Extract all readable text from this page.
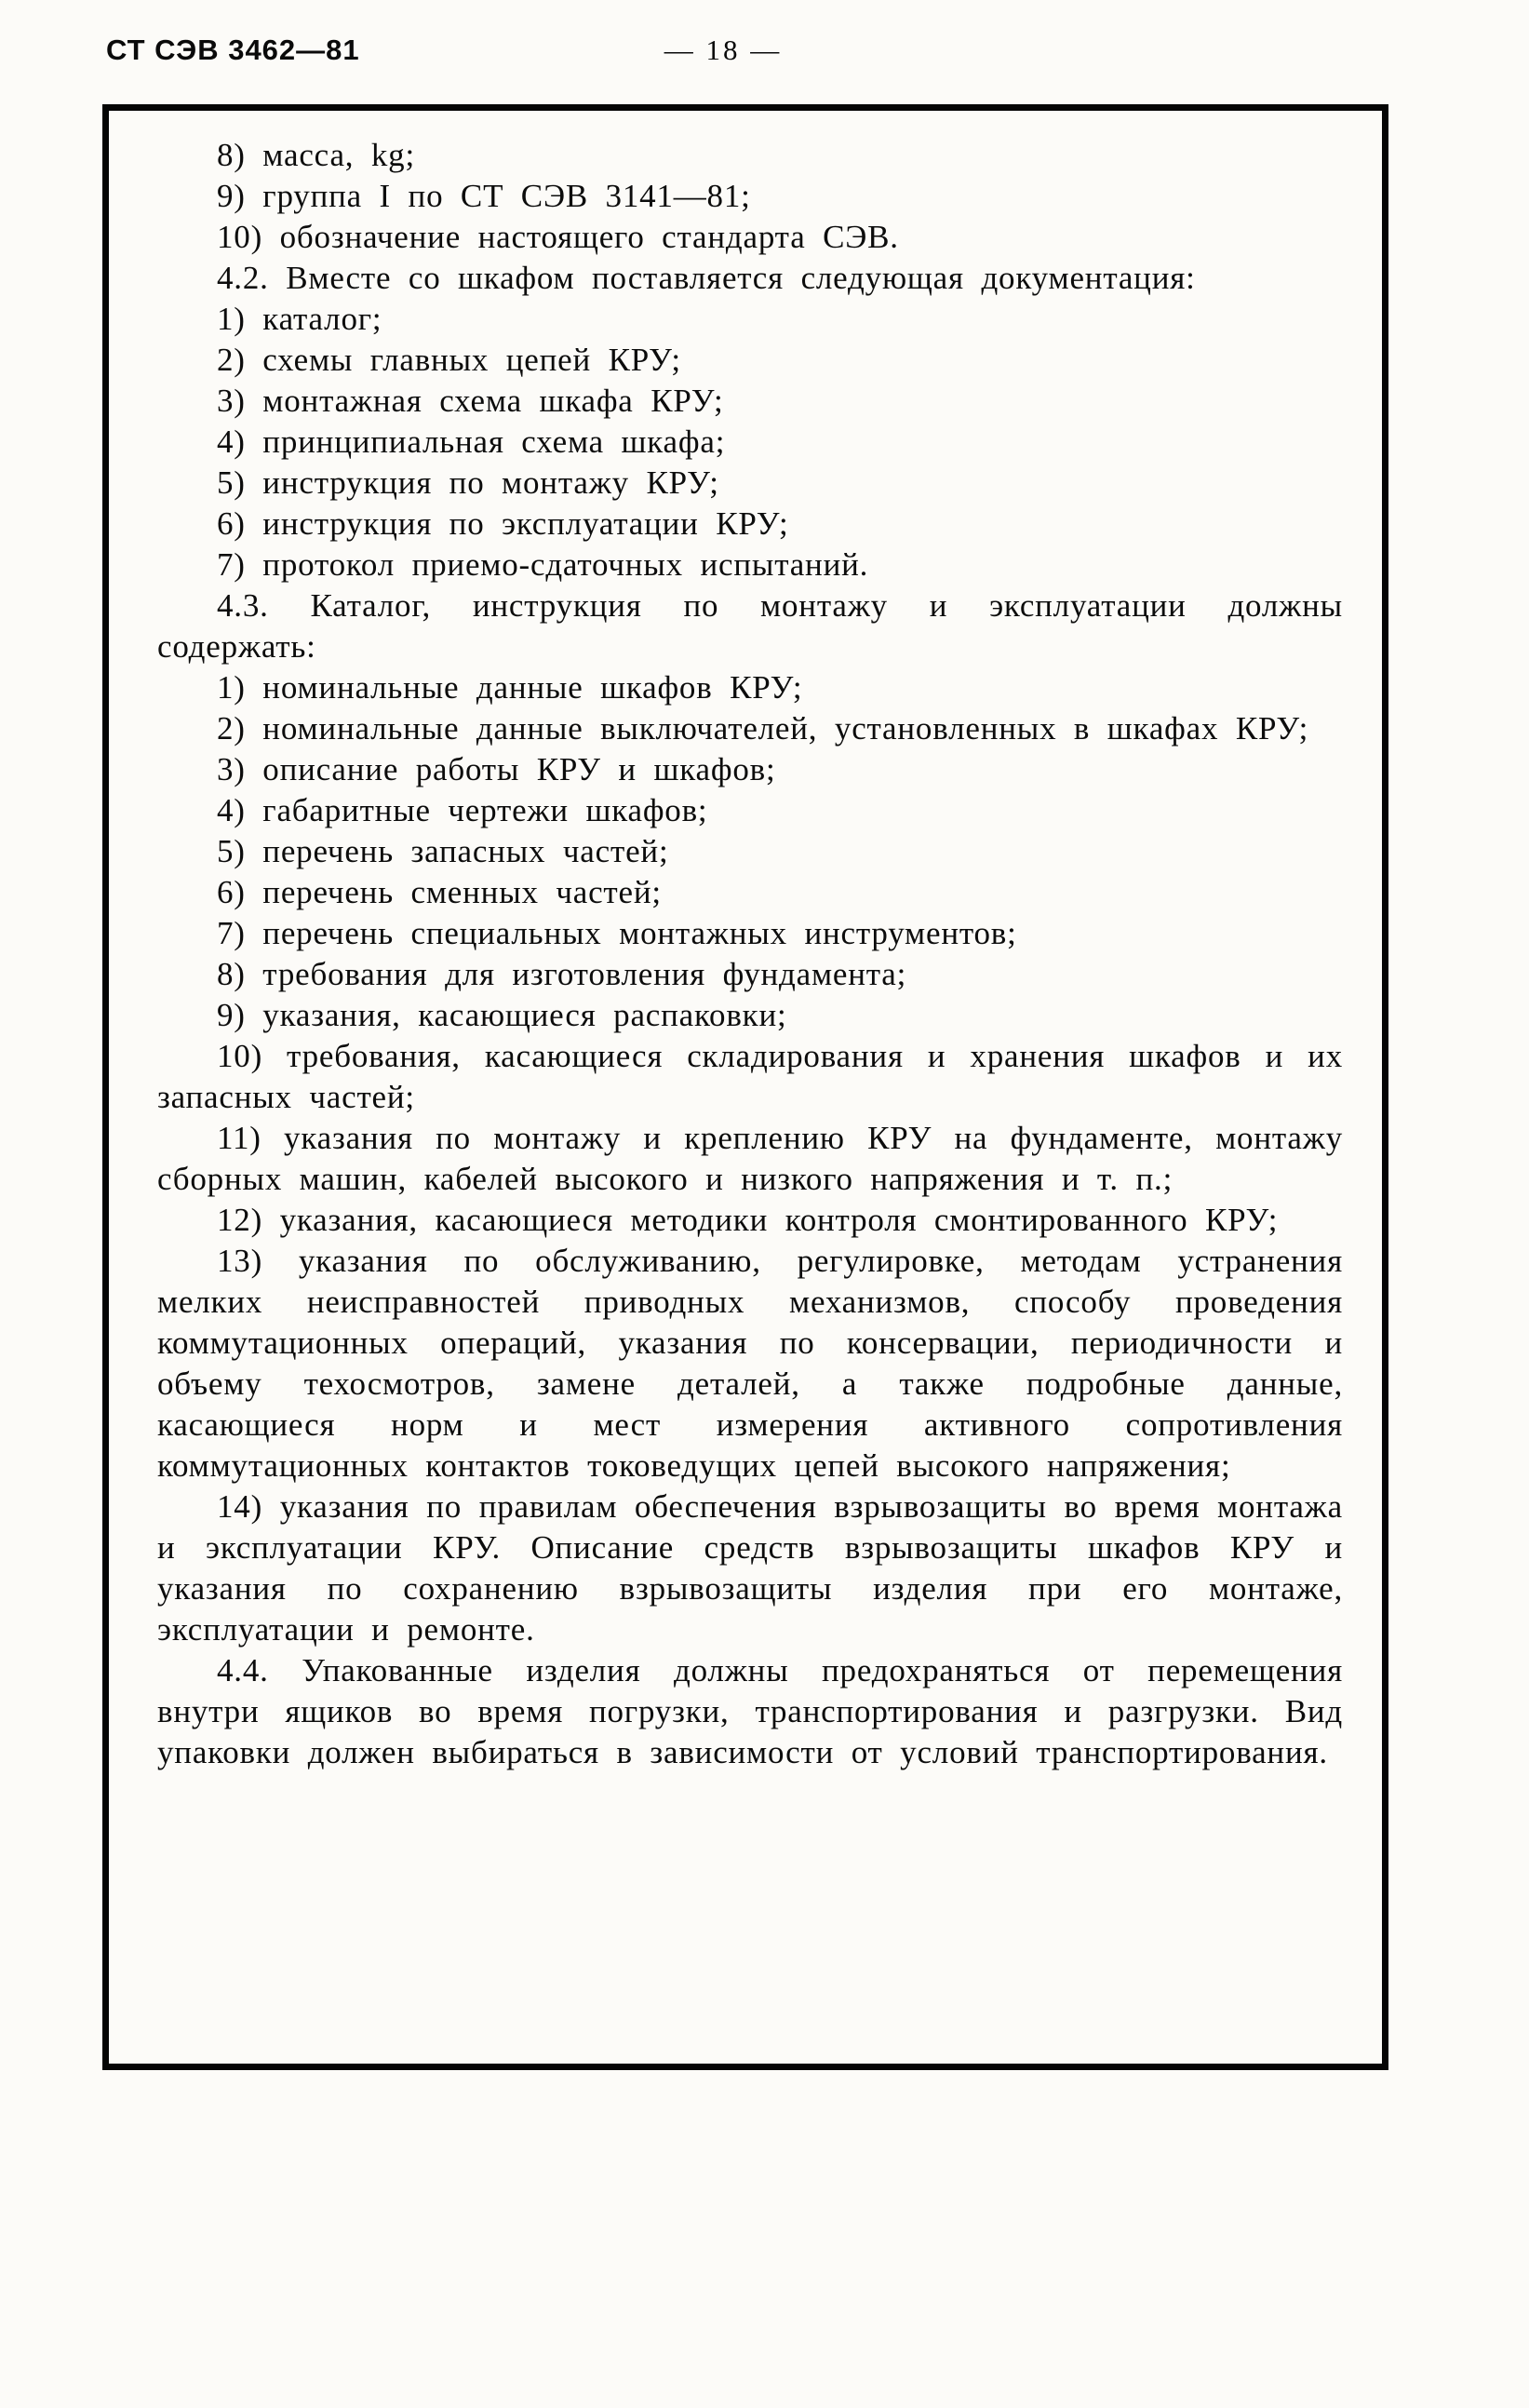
СТ СЭВ 3462—81	— 18 —

8) масса, kg;

9) группа I по СТ СЭВ 3141—81;

10) обозначение настоящего стандарта СЭВ.

4.2. Вместе со шкафом поставляется следующая документация:

1) каталог;

2) схемы главных цепей КРУ;

3) монтажная схема шкафа КРУ;

4) принципиальная схема шкафа;

5) инструкция по монтажу КРУ;

6) инструкция по эксплуатации КРУ;

7) протокол приемо-сдаточных испытаний.

4.3. Каталог, инструкция по монтажу и эксплуатации должны содержать:

1) номинальные данные шкафов КРУ;

2) номинальные данные выключателей, установленных в шкафах КРУ;

3) описание работы КРУ и шкафов;

4) габаритные чертежи шкафов;

5) перечень запасных частей;

6) перечень сменных частей;

7) перечень специальных монтажных инструментов;

8) требования для изготовления фундамента;

9) указания, касающиеся распаковки;

10) требования, касающиеся складирования и хранения шкафов и их запасных частей;

11) указания по монтажу и креплению КРУ на фундаменте, монтажу сборных машин, кабелей высокого и низкого напряжения и т. п.;

12) указания, касающиеся методики контроля смонтированного КРУ;

13) указания по обслуживанию, регулировке, методам устранения мелких неисправностей приводных механизмов, способу проведения коммутационных операций, указания по консервации, периодичности и объему техосмотров, замене деталей, а также подробные данные, касающиеся норм и мест измерения активного сопротивления коммутационных контактов токоведущих цепей высокого напряжения;

14) указания по правилам обеспечения взрывозащиты во время монтажа и эксплуатации КРУ. Описание средств взрывозащиты шкафов КРУ и указания по сохранению взрывозащиты изделия при его монтаже, эксплуатации и ремонте.

4.4. Упакованные изделия должны предохраняться от перемещения внутри ящиков во время погрузки, транспортирования и разгрузки. Вид упаковки должен выбираться в зависимости от условий транспортирования.
